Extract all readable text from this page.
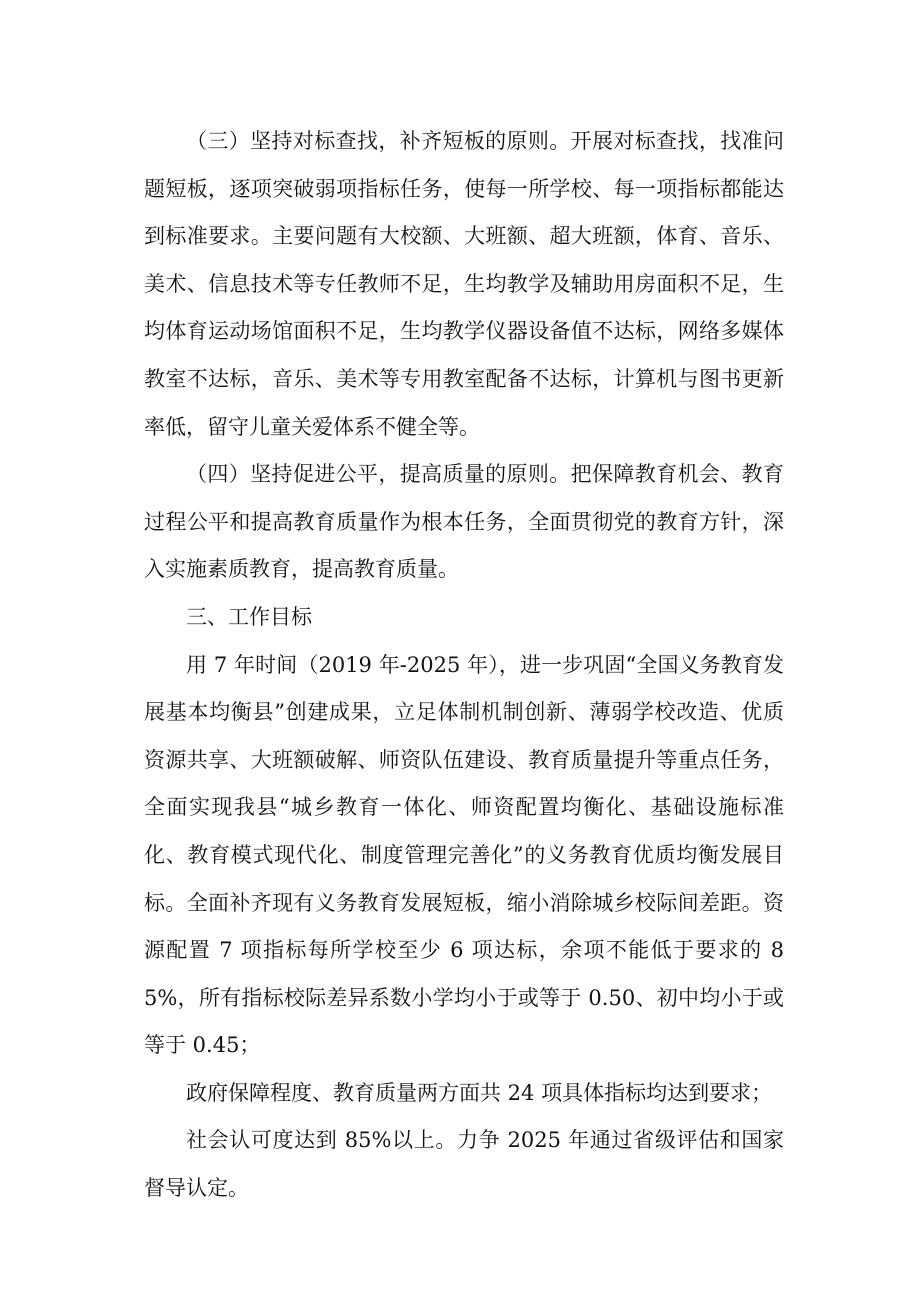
（三）坚持对标查找，补齐短板的原则。开展对标查找，找准问题短板，逐项突破弱项指标任务，使每一所学校、每一项指标都能达到标准要求。主要问题有大校额、大班额、超大班额，体育、音乐、美术、信息技术等专任教师不足，生均教学及辅助用房面积不足，生均体育运动场馆面积不足，生均教学仪器设备值不达标，网络多媒体教室不达标，音乐、美术等专用教室配备不达标，计算机与图书更新率低，留守儿童关爱体系不健全等。

（四）坚持促进公平，提高质量的原则。把保障教育机会、教育过程公平和提高教育质量作为根本任务，全面贯彻党的教育方针，深入实施素质教育，提高教育质量。

三、工作目标

用 7 年时间（2019 年-2025 年），进一步巩固“全国义务教育发展基本均衡县”创建成果，立足体制机制创新、薄弱学校改造、优质资源共享、大班额破解、师资队伍建设、教育质量提升等重点任务，全面实现我县“城乡教育一体化、师资配置均衡化、基础设施标准化、教育模式现代化、制度管理完善化”的义务教育优质均衡发展目标。全面补齐现有义务教育发展短板，缩小消除城乡校际间差距。资源配置 7 项指标每所学校至少 6 项达标，余项不能低于要求的 85%，所有指标校际差异系数小学均小于或等于 0.50、初中均小于或等于 0.45；

政府保障程度、教育质量两方面共 24 项具体指标均达到要求；

社会认可度达到 85%以上。力争 2025 年通过省级评估和国家督导认定。
